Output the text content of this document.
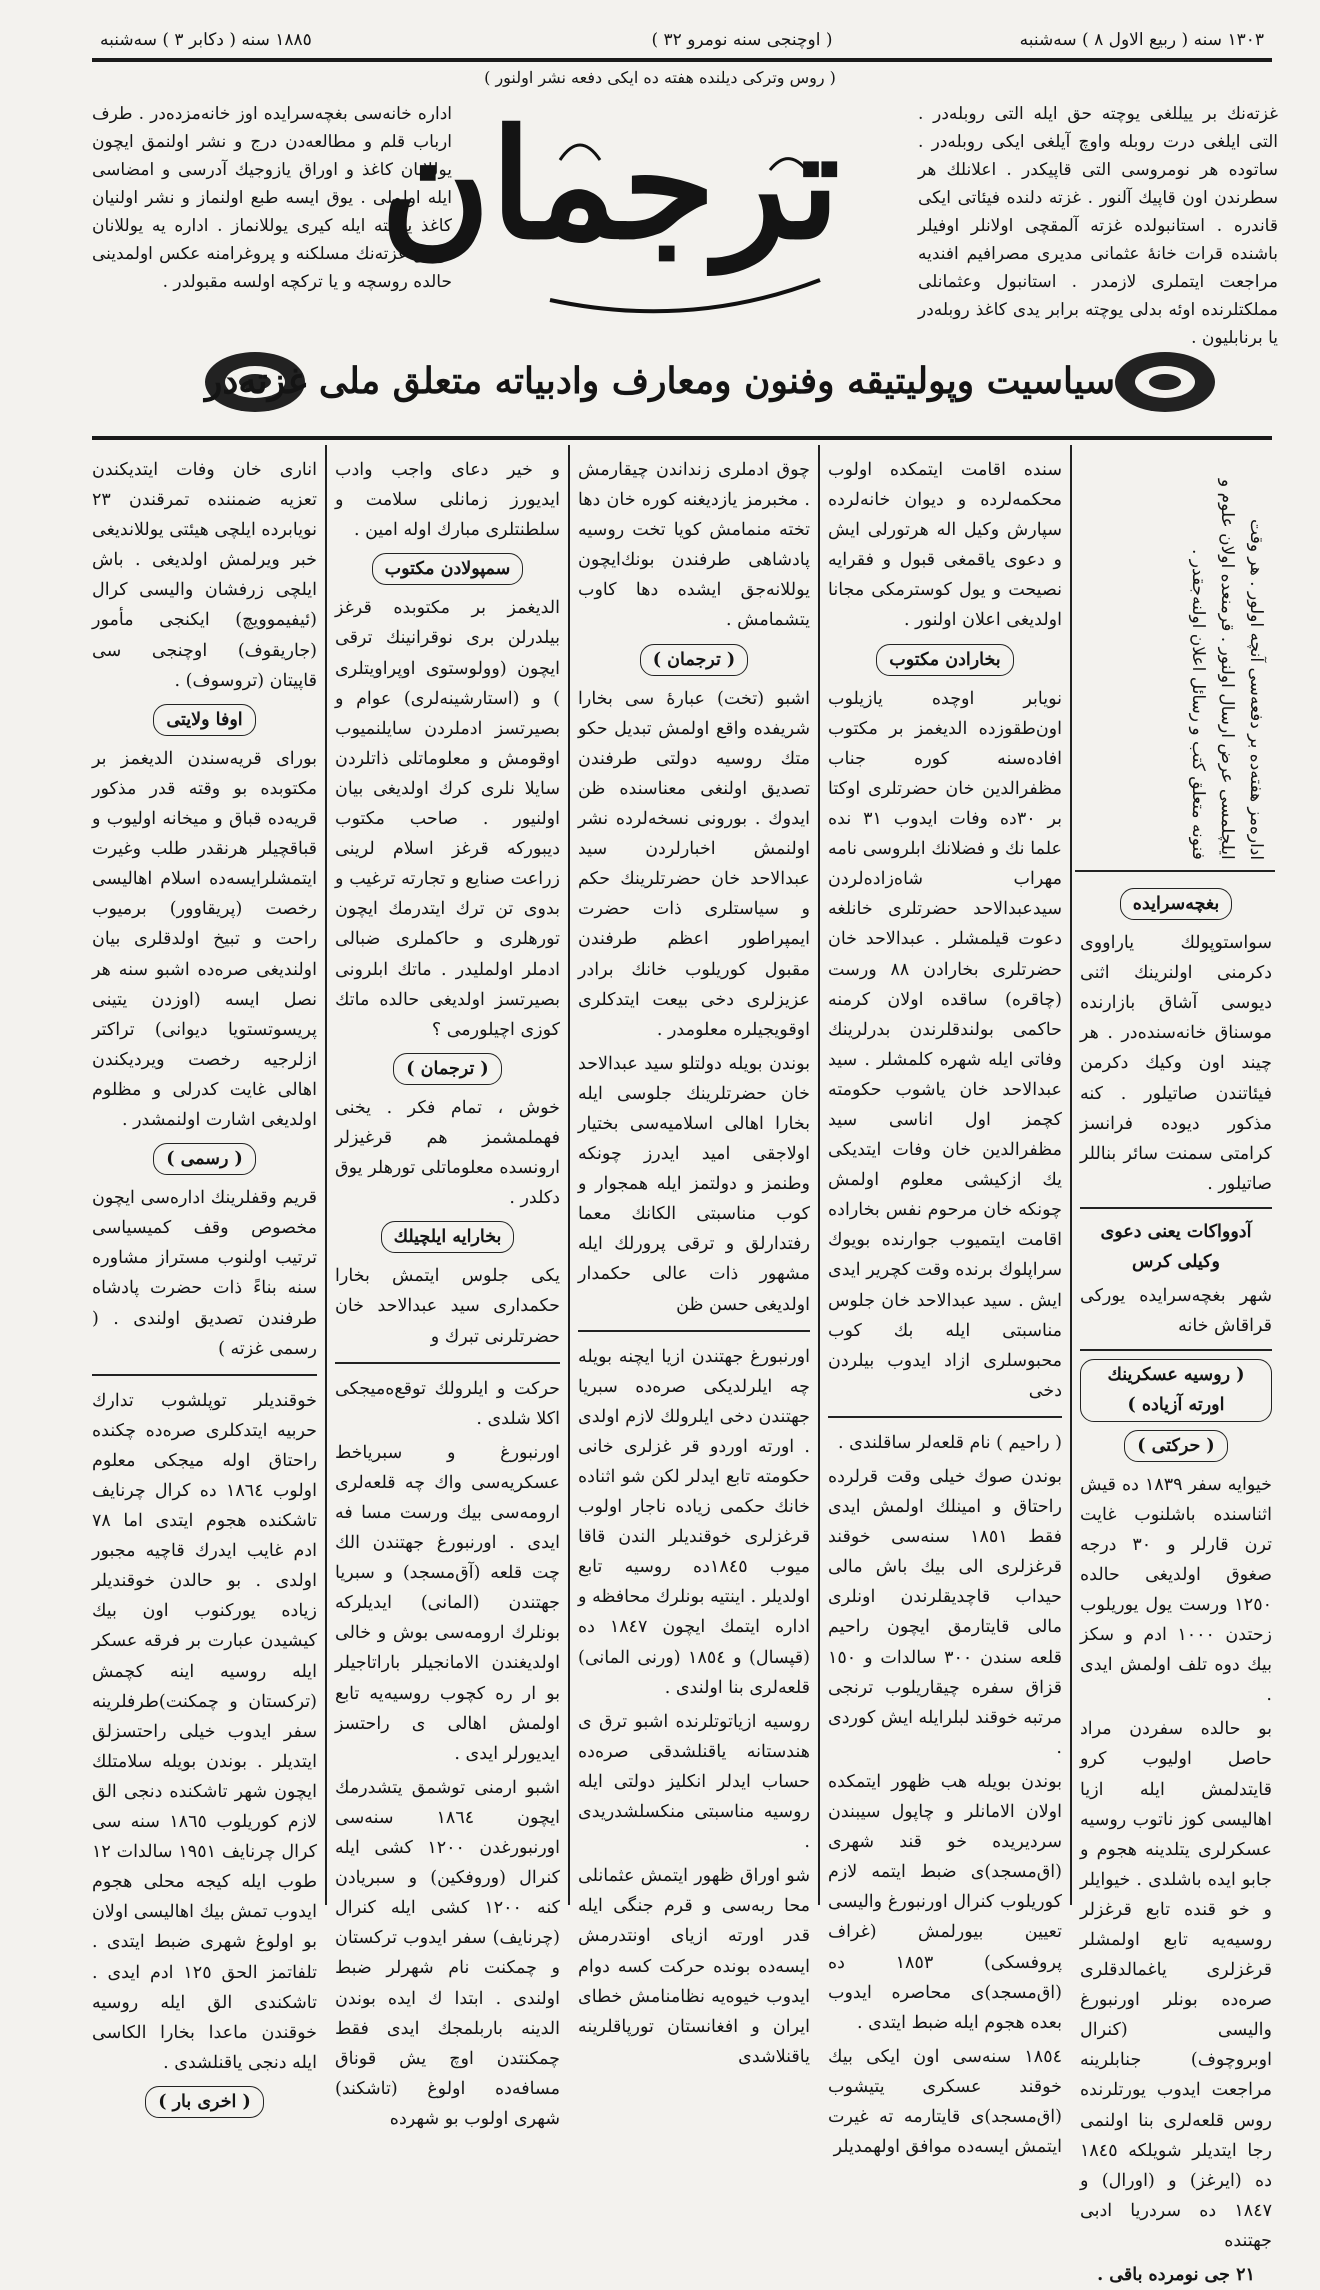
١٨٨٥ سنه ( دكابر ٣ ) سه‌شنبه	( اوچنجی سنه نومرو ٣٢ )	١٣٠٣ سنه ( ربيع الاول ٨ ) سه‌شنبه
( روس وتركی ديلنده هفته ده ايكی دفعه نشر اولنور )
غزته‌نك بر ييللغى يوچته حق ايله التی روبله‌در . التی ايلغى درت روبله واوچ آيلغى ايكی روبله‌در . ساتوده هر نومروسی التی قاپيكدر . اعلانلك هر سطرندن اون قاپيك آلنور . غزته دلنده فيئاتی ايكی قاندره . استانبولده غزته آلمقچی اولانلر اوفيلر باشنده قرات خانهٔ عثمانی مديری مصرافيم افنديه مراجعت ايتملری لازمدر . استانبول وعثمانلی مملكتلرنده اوئه بدلی يوچته برابر يدی كاغذ روبله‌در يا برنابليون .
اداره خانه‌سی بغچه‌سرايده اوز خانه‌مزده‌در . طرف ارباب قلم و مطالعه‌دن درج و نشر اولنمق ايچون يوللانان كاغذ و اوراق يازوجيك آدرسی و امضاسی ايله اولملی . يوق ايسه طبع اولنماز و نشر اولنيان كاغذ يوچته ايله كيری يوللانماز . اداره يه يوللانان اوراق غزته‌نك مسلكنه و پروغرامنه عكس اولمدينی حالده روسچه و يا تركچه اولسه مقبولدر .
ترجمان
سياسيت وپوليتيقه وفنون ومعارف وادبياته متعلق ملی غزته‌در

اناری خان وفات ايتديكندن تعزيه ضمننده تمرقندن ٢٣ نويابرده ايلچی هيئتی يوللانديغی خبر ويرلمش اولديغی . باش ايلچی زرفشان واليسی كرال (ئيفيموويچ) ايكنجی مأمور (جاريقوف) اوچنجی سی قاپيتان (تروسوف) .

اوفا ولايتی

بورای قريه‌سندن الديغمز بر مكتوبده بو وقته قدر مذكور قريه‌ده قباق و ميخانه اوليوب و قباقچيلر هرنقدر طلب وغيرت ايتمشلرايسه‌ده اسلام اهاليسی رخصت (پريقاوور) برميوب راحت و تبيخ اولدقلری بيان اولنديغی صره‌ده اشبو سنه هر نصل ايسه (اوزدن يتينی پريسوتستويا ديوانی) تراكتر ازلرجيه رخصت ويرديكندن اهالی غايت كدرلی و مظلوم اولديغی اشارت اولنمشدر .

( رسمی )

قريم وقفلرينك اداره‌سی ايچون مخصوص وقف كميسياسی ترتيب اولنوب مستراز مشاوره سنه بناءً ذات حضرت پادشاه طرفندن تصديق اولندی . ( رسمی غزته )

خوقنديلر توپلشوب تدارك حربيه ايتدكلری صره‌ده چكنده راحتاق اوله ميجكی معلوم اولوب ١٨٦٤ ده كرال چرنايف تاشكنده هجوم ايتدی اما ٧٨ ادم غايب ايدرك قاچيه مجبور اولدی . بو حالدن خوقنديلر زياده يوركنوب اون بيك كيشيدن عبارت بر فرقه عسكر ايله روسيه اينه كچمش (تركستان و چمكنت)طرفلرينه سفر ايدوب خيلی راحتسزلق ايتديلر . بوندن بويله سلامتلك ايچون شهر تاشكنده دنجی الق لازم كوريلوب ١٨٦٥ سنه سی كرال چرنايف ١٩٥١ سالدات ١٢ طوب ايله كيجه محلی هجوم ايدوب تمش بيك اهاليسی اولان بو اولوغ شهری ضبط ايتدی . تلفاتمز الحق ١٢٥ ادم ايدی . تاشكندی الق ايله روسيه خوقندن ماعدا بخارا الكاسی ايله دنجی ياقنلشدی .

( اخری بار )

و خير دعای واجب وادب ايديورز زمانلی سلامت و سلطنتلری مبارك اوله امين .

سمپولادن مكتوب

الديغمز بر مكتوبده قرغز بيلدرلن بری نوقرانينك ترقی ايچون (وولوستوی اوپراويتلری ) و (استارشينه‌لری) عوام و بصيرتسز ادملردن سايلنميوب اوقومش و معلوماتلی ذاتلردن سايلا نلری كرك اولديغی بيان اولنيور . صاحب مكتوب ديبوركه قرغز اسلام لرينی زراعت صنايع و تجارته ترغيب و بدوی تن ترك ايتدرمك ايچون تورهلری و حاكملری ضبالی ادملر اولمليدر . ماتك ابلرونی بصيرتسز اولديغی حالده ماتك كوزی اچيلورمی ؟

( ترجمان )

خوش ، تمام فكر . يخنی فهملمشمز هم قرغيزلر ارونسده معلوماتلی تورهلر يوق دكلدر .

بخارايه ايلچيلك

يكی جلوس ايتمش بخارا حكمداری سيد عبدالاحد خان حضرتلرنی تبرك و

حركت و ايلرولك توقع‌ه‌ميجكی اكلا شلدی .

اورنبورغ و سبرياخط عسكريه‌سی واك چه قلعه‌لری ارومه‌سی بيك ورست مسا فه ايدی . اورنبورغ جهتندن الك چت قلعه (آق‌مسجد) و سبريا جهتندن (المانی) ايديلركه بونلرك ارومه‌سی بوش و خالی اولديغندن الامانجيلر باراتاجيلر بو ار ره كچوب روسيه‌يه تابع اولمش اهالی ی راحتسز ايديورلر ايدی .

اشبو ارمنی توشمق يتشدرمك ايچون ١٨٦٤ سنه‌سی اورنبورغدن ١٢٠٠ كشی ايله كنرال (ورو‌فكين) و سبريادن كنه ١٢٠٠ كشی ايله كنرال (چرنايف) سفر ايدوب تركستان و چمكنت نام شهرلر ضبط اولندی . ابتدا ك ايده بوندن الدينه باربلمجك ايدی فقط چمكنتدن اوچ يش قوناق مسافه‌ده اولوغ (تاشكند) شهری اولوب بو شهرده

چوق ادملری زنداندن چيقارمش . مخبرمز يازديغنه كوره خان دها تخته منمامش كويا تخت روسيه پادشاهی طرفندن بونك‌ايچون يوللانه‌جق ايشده دها كاوب يتشمامش .

( ترجمان )

اشبو (تخت) عبارهٔ سی بخارا شريفده واقع اولمش تبديل حكو متك روسيه دولتی طرفندن تصديق اولنغی معناسنده ظن ايدوك . بورونی نسخه‌لرده نشر اولنمش اخبارلردن سيد عبدالاحد خان حضرتلرينك حكم و سياستلری ذات حضرت ايمپراطور اعظم طرفندن مقبول كوريلوب خانك برادر عزيزلری دخی بيعت ايتدكلری اوقويجيلره معلومدر .

بوندن بويله دولتلو سيد عبدالاحد خان حضرتلرينك جلوسی ايله بخارا اهالی اسلاميه‌سی بختيار اولاجقی اميد ايدرز چونكه وطنمز و دولتمز ايله همجوار و كوب مناسبتی الكانك معما رفتدارلق و ترقی پرورلك ايله مشهور ذات عالی حكمدار اولديغی حسن ظن

اورنبورغ جهتندن ازيا ايچنه بويله چه ايلرلديكی صره‌ده سبريا جهتندن دخی ايلرولك لازم اولدی . اورته اوردو قر غزلری خانی حكومته تابع ايدلر لكن شو اثناده خانك حكمی زياده ناجار اولوب قرغزلری خوقنديلر الندن قاقا ميوب ١٨٤٥ده روسيه تابع اولديلر . اينتيه بونلرك محافظه و اداره ايتمك ايچون ١٨٤٧ ده (قپسال) و ١٨٥٤ (ورنی المانی) قلعه‌لری بنا اولندی .

روسيه ازياتوتلرنده اشبو ترق ی هندستانه ياقنلشدقی صره‌ده حساب ايدلر انكليز دولتی ايله روسيه مناسبتی منكسلشدريدی .

شو اوراق ظهور ايتمش عثمانلی محا ربه‌سی و قرم جنگی ايله قدر اورته ازيای اونتدرمش ايسه‌ده بونده حركت كسه دوام ايدوب خيوه‌يه نظامنامش خطای ايران و افغانستان تورپاقلرينه ياقنلاشدی

سنده اقامت ايتمكده اولوب محكمه‌لرده و ديوان خانه‌لرده سپارش وكيل اله هرتورلی ايش و دعوی ياقمغی قبول و فقرايه نصيحت و يول كوسترمكی مجانا اولديغی اعلان اولنور .

بخارادن مكتوب

نويابر اوچده يازيلوب اون‌طقوزده الديغمز بر مكتوب افاده‌سنه كوره جناب مظفرالدين خان حضرتلری اوكتا بر ٣٠ده وفات ايدوب ٣١ نده علما نك و فضلانك ابلروسی نامه مهراب شاه‌زاده‌لردن سيدعبدالاحد حضرتلری خانلغه دعوت قيلمشلر . عبدالاحد خان حضرتلری بخارادن ٨٨ ورست (چاقره) ساقده اولان كرمنه حاكمی بولندقلرندن بدرلرينك وفاتی ايله شهره كلمشلر . سيد عبدالاحد خان ياشوب حكومته كچمز اول اناسی سيد مظفرالدين خان وفات ايتديكی يك ازكيشی معلوم اولمش چونكه خان مرحوم نفس بخاراده اقامت ايتميوب جوارنده بويوك سراپلوك برنده وقت كچرير ايدی ايش . سيد عبدالاحد خان جلوس مناسبتی ايله بك كوب محبوسلری ازاد ايدوب بيلردن دخی

( راحيم ) نام قلعه‌لر ساقلندی .

بوندن صوك خيلی وقت قرلرده راحتاق و امينلك اولمش ايدی فقط ١٨٥١ سنه‌سی خوقند قرغزلری الی بيك باش مالی حيداب قاچديقلرندن اونلری مالی قايتارمق ايچون راحيم قلعه سندن ٣٠٠ سالدات و ١٥٠ قزاق سفره چيقاريلوب ترنجی مرتبه خوقند لبلرايله ايش كوردی .

بوندن بويله هب ظهور ايتمكده اولان الامانلر و چاپول سيبندن سرديريده خو قند شهری (اق‌مسجد)ی ضبط ايتمه لازم كوريلوب كنرال اورنبورغ واليسی تعيين بيورلمش (غراف پروفسكی) ١٨٥٣ ده (اق‌مسجد)ی محاصره ايدوب بعده هجوم ايله ضبط ايتدی .

١٨٥٤ سنه‌سی اون ايكی بيك خوقند عسكری يتيشوب (اق‌مسجد)ی قايتارمه ته غيرت ايتمش ايسه‌ده موافق اولهمديلر

اداره‌مز هفته‌ده بر دفعه‌سی آنچه اولور . هر وقت ايلچلمسی عرض ارسال اولنور . قرمنعده اولان علوم و فنونه متعلق كتب و رسائل اعلان اولنه‌جقدر .
بغچه‌سرايده

سواستوپولك ياراووی دكرمنی اولنرينك اثنی ديوسی آشاق بازارنده موسناق خانه‌سنده‌در . هر چيند اون وكيك دكرمن فيئاتندن صاتيلور . كنه مذكور ديوده فرانسز كرامتی سمنت سائر بناللر صاتيلور .

آدوواكات يعنی دعوی وكيلی كرس

شهر بغچه‌سرايده يوركی قراقاش خانه

( روسيه عسكرينك اورته آزياده )
( حركتی )

خيوايه سفر ١٨٣٩ ده قيش اثناسنده باشلنوب غايت ترن قارلر و ٣٠ درجه صغوق اولديغی حالده ١٢٥٠ ورست يول يوريلوب زحتدن ١٠٠٠ ادم و سكز بيك دوه تلف اولمش ايدی .

بو حالده سفردن مراد حاصل اوليوب كرو قايتدلمش ايله ازيا اهاليسی كوز ناتوب روسيه عسكرلری يتلدينه هجوم و جابو ايده باشلدی . خيوايلر و خو قنده تابع قرغزلر روسيه‌يه تابع اولمشلر قرغزلری ياغمالدقلری صره‌ده بونلر اورنبورغ واليسی (كنرال اوبروچوف) جنابلرينه مراجعت ايدوب يورتلرنده روس قلعه‌لری بنا اولنمی رجا ايتديلر شويلكه ١٨٤٥ ده (ايرغز) و (اورال) و ١٨٤٧ ده سردريا ادبی جهتنده

٢١ جی نومرده باقی .
